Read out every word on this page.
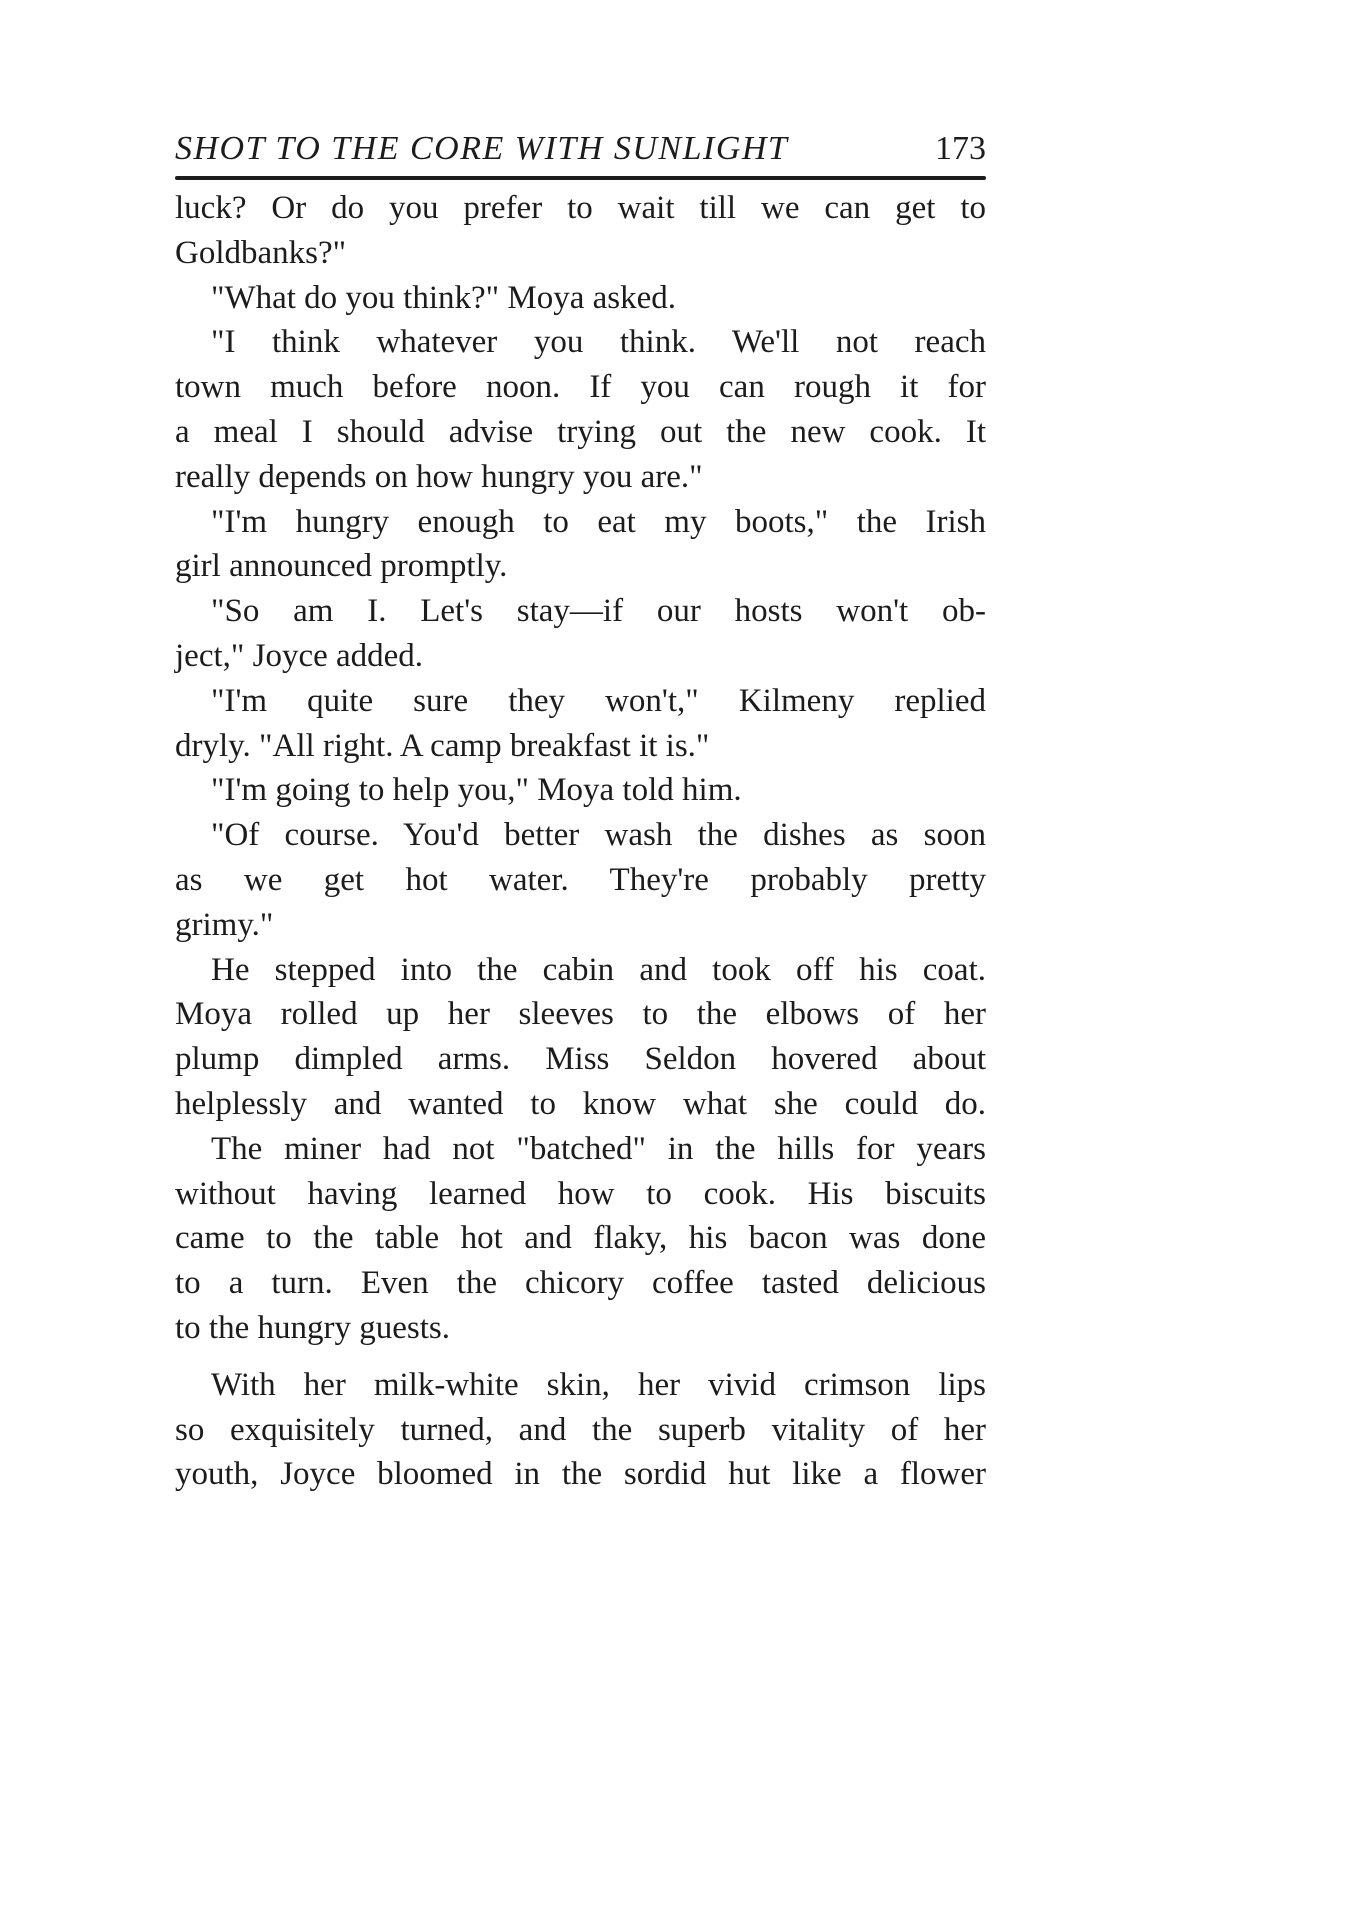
SHOT TO THE CORE WITH SUNLIGHT	173
luck? Or do you prefer to wait till we can get to
Goldbanks?"
"What do you think?" Moya asked.
"I think whatever you think. We'll not reach
town much before noon. If you can rough it for
a meal I should advise trying out the new cook. It
really depends on how hungry you are."
"I'm hungry enough to eat my boots," the Irish
girl announced promptly.
"So am I. Let's stay—if our hosts won't ob-
ject," Joyce added.
"I'm quite sure they won't," Kilmeny replied
dryly. "All right. A camp breakfast it is."
"I'm going to help you," Moya told him.
"Of course. You'd better wash the dishes as soon
as we get hot water. They're probably pretty
grimy."
He stepped into the cabin and took off his coat.
Moya rolled up her sleeves to the elbows of her
plump dimpled arms. Miss Seldon hovered about
helplessly and wanted to know what she could do.
The miner had not "batched" in the hills for years
without having learned how to cook. His biscuits
came to the table hot and flaky, his bacon was done
to a turn. Even the chicory coffee tasted delicious
to the hungry guests.
With her milk-white skin, her vivid crimson lips
so exquisitely turned, and the superb vitality of her
youth, Joyce bloomed in the sordid hut like a flower
